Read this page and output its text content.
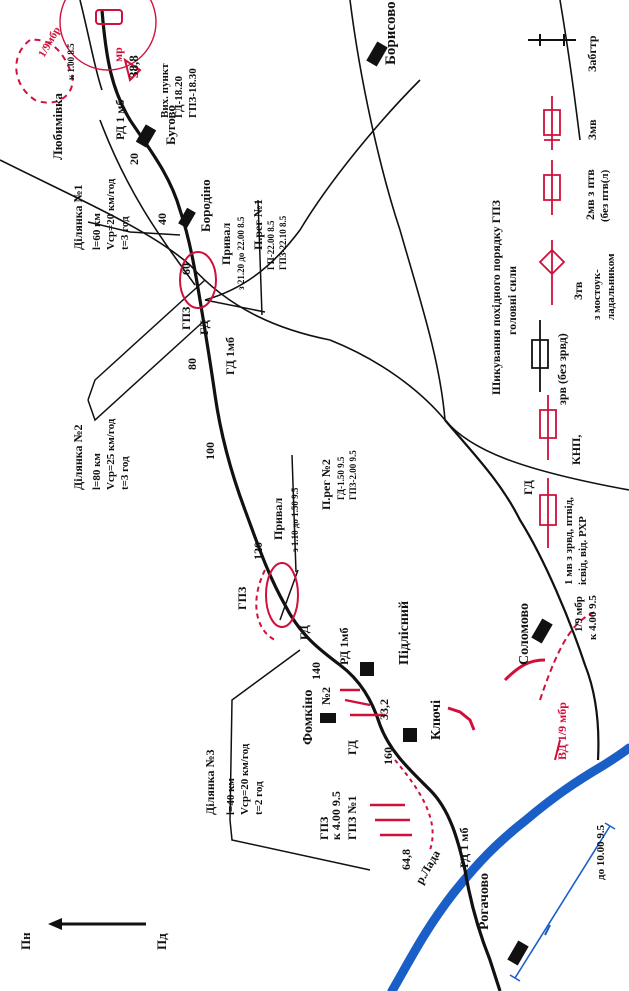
Борисово
Любимівка	Бугово
Бородіно
Фомкіно
Підлісний
Ключі
Соломово
Рогачово
р.Лада
Пн	Пд
Вих. пункт ГД-18.20 ГПЗ-18.30
38,8
Ділянка №1 l=60 км Vср=20 км/год t=3 год
Ділянка №2 l=80 км Vср=25 км/год t=3 год
Ділянка №3 l=40 км Vср=20 км/год t=2 год
Привал з 21.20 до 22.00 8.5 П.рег №1 ГП-22.00 8.5 ГПЗ-22.10 8.5
Привал з 1.10 до 1.50 9.5
П.рег №2 ГД-1.50 9.5 ГПЗ-2.00 9.5
20
40
60
80
100
120
140
160
мр
1/9мбр
к 1.00 8.5
РД 1 мб
ГПЗ ГД
ГД 1мб
ГПЗ
ГД РД 1мб
№2
ГД
ГПЗ №1
к 4.00 9.5
ГПЗ
33,2
64,8	РД 1 мб
ВД 1/9 мбр
1/9 мбр к 4.00 9.5
до 10.00 9.5
Шикування похідного порядку ГПЗ головні сили
Забгтр
3мв
2мв з птв (без птв(л)
3тв з мостоук- ладальником
зрв (без зрвд)
КНП,
ГД
1 мв з зрвд, птвід, ісвід, від. РХР
